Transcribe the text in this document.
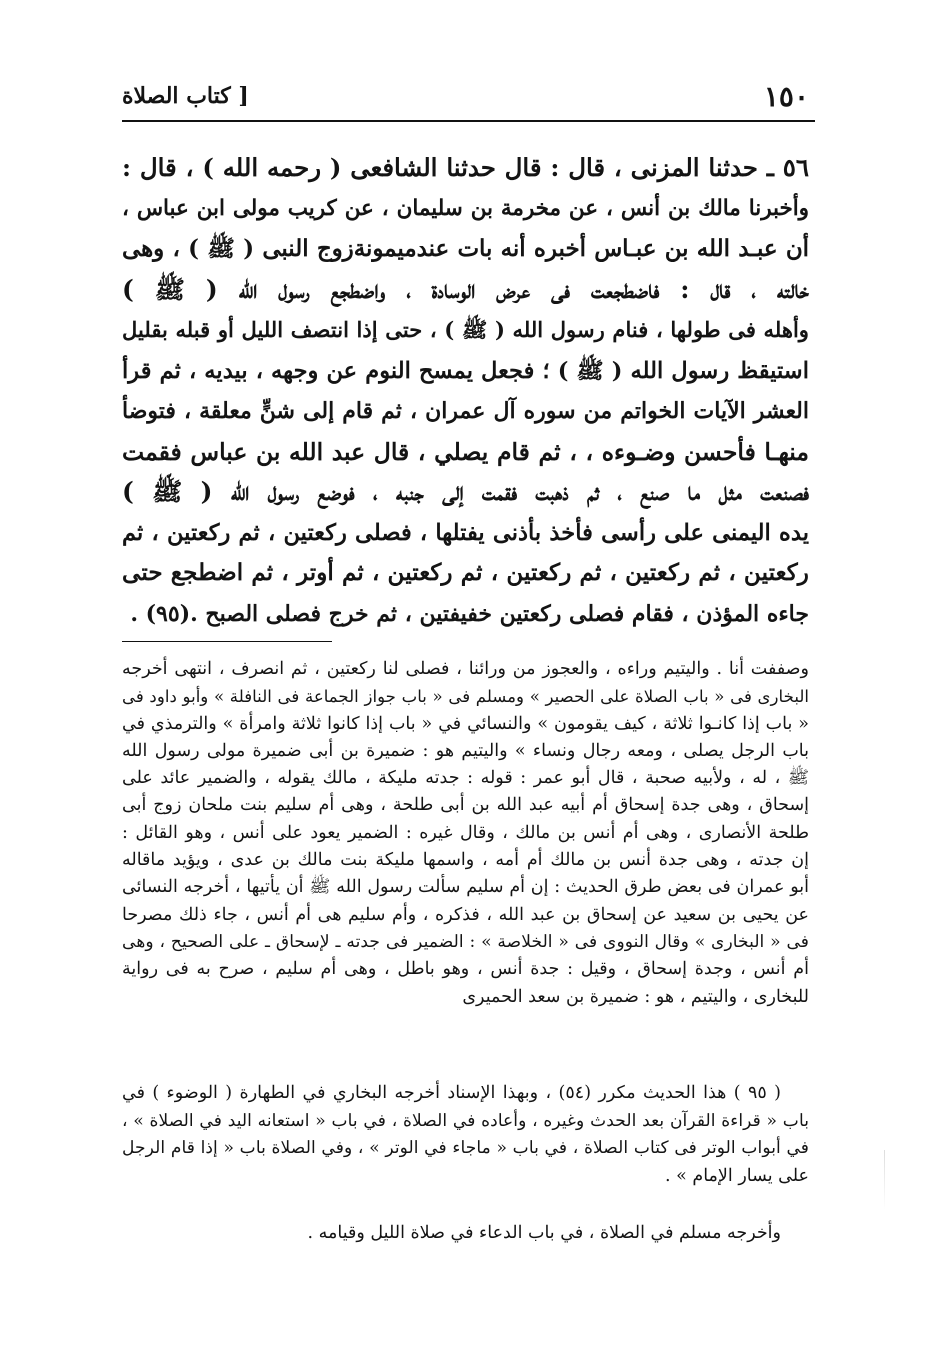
١٥٠
[ كتاب الصلاة
٥٦ ـ حدثنا المزنى ، قال : قال حدثنا الشافعى ( رحمه الله ) ، قال :
وأخبرنا مالك بن أنس ، عن مخرمة بن سليمان ، عن كريب مولى ابن عباس ،
أن عبـد الله بن عبـاس أخبره أنه بات عندميمونةزوج النبى ( ﷺ ) ، وهى
خالته ، قال : فاضطجعت فى عرض الوسادة ، واضطجع رسول الله ( ﷺ )
وأهله فى طولها ، فنام رسول الله ( ﷺ ) ، حتى إذا انتصف الليل أو قبله بقليل
استيقظ رسول الله ( ﷺ ) ؛ فجعل يمسح النوم عن وجهه ، بيديه ، ثم قرأ
العشر الآيات الخواتم من سوره آل عمران ، ثم قام إلى شنٍّ معلقة ، فتوضأ
منهـا فأحسن وضـوءه ، ، ثم قام يصلي ، قال عبد الله بن عباس فقمت
فصنعت مثل ما صنع ، ثم ذهبت فقمت إلى جنبه ، فوضع رسول الله ( ﷺ )
يده اليمنى على رأسى فأخذ بأذنى يفتلها ، فصلى ركعتين ، ثم ركعتين ، ثم
ركعتين ، ثم ركعتين ، ثم ركعتين ، ثم ركعتين ، ثم أوتر ، ثم اضطجع حتى
جاءه المؤذن ، فقام فصلى ركعتين خفيفتين ، ثم خرج فصلى الصبح .(٩٥) .
وصففت أنا . واليتيم وراءه ، والعجوز من ورائنا ، فصلى لنا ركعتين ، ثم انصرف ، انتهى أخرجه
البخارى فى « باب الصلاة على الحصير » ومسلم فى « باب جواز الجماعة فى النافلة » وأبو داود فى
« باب إذا كانـوا ثلاثة ، كيف يقومون » والنسائي في « باب إذا كانوا ثلاثة وامرأة » والترمذي في
باب الرجل يصلى ، ومعه رجال ونساء » واليتيم هو : ضميرة بن أبى ضميرة مولى رسول الله
ﷺ ، له ، ولأبيه صحبة ، قال أبو عمر : قوله : جدته مليكة ، مالك يقوله ، والضمير عائد على
إسحاق ، وهى جدة إسحاق أم أبيه عبد الله بن أبى طلحة ، وهى أم سليم بنت ملحان زوج أبى
طلحة الأنصارى ، وهى أم أنس بن مالك ، وقال غيره : الضمير يعود على أنس ، وهو القائل :
إن جدته ، وهى جدة أنس بن مالك أم أمه ، واسمها مليكة بنت مالك بن عدى ، ويؤيد ماقاله
أبو عمران فى بعض طرق الحديث : إن أم سليم سألت رسول الله ﷺ أن يأتيها ، أخرجه النسائى
عن يحيى بن سعيد عن إسحاق بن عبد الله ، فذكره ، وأم سليم هى أم أنس ، جاء ذلك مصرحا
فى « البخارى » وقال النووى فى « الخلاصة » : الضمير فى جدته ـ لإسحاق ـ على الصحيح ، وهى
أم أنس ، وجدة إسحاق ، وقيل : جدة أنس ، وهو باطل ، وهى أم سليم ، صرح به فى رواية
للبخارى ، واليتيم ، هو : ضميرة بن سعد الحميرى
( ٩٥ ) هذا الحديث مكرر (٥٤) ، وبهذا الإسناد أخرجه البخاري في الطهارة ( الوضوء ) في
باب « قراءة القرآن بعد الحدث وغيره ، وأعاده في الصلاة ، في باب « استعانه اليد في الصلاة » ،
في أبواب الوتر فى كتاب الصلاة ، في باب « ماجاء في الوتر » ، وفي الصلاة باب « إذا قام الرجل
على يسار الإمام » .
وأخرجه مسلم في الصلاة ، في باب الدعاء في صلاة الليل وقيامه .
